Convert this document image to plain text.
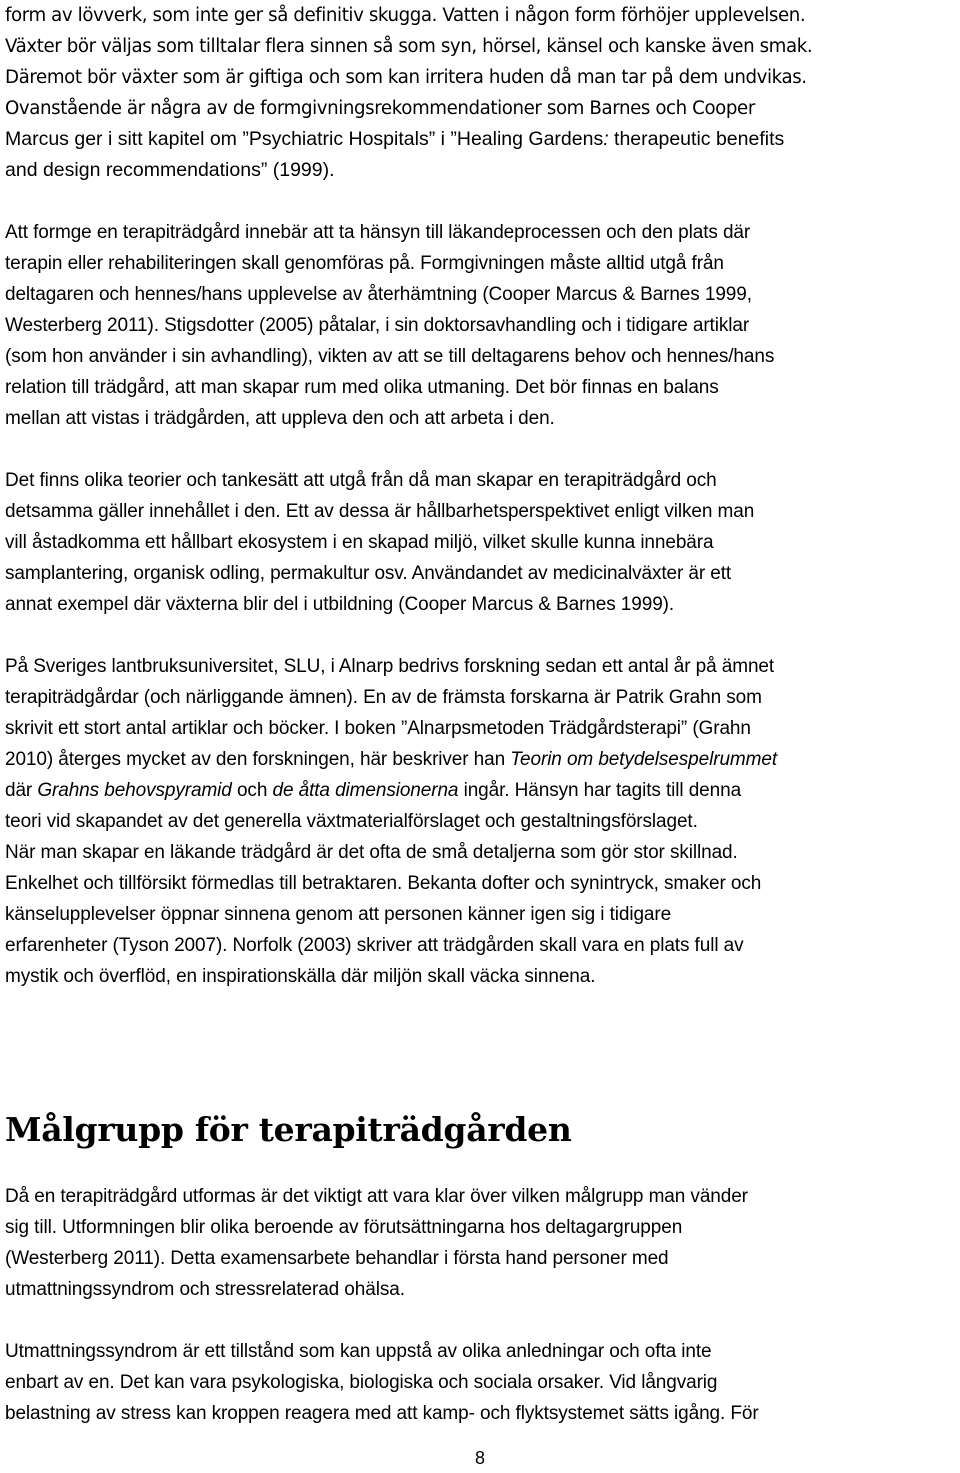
form av lövverk, som inte ger så definitiv skugga. Vatten i någon form förhöjer upplevelsen.

Växter bör väljas som tilltalar flera sinnen så som syn, hörsel, känsel och kanske även smak.

Däremot bör växter som är giftiga och som kan irritera huden då man tar på dem undvikas.

Ovanstående är några av de formgivningsrekommendationer som Barnes och Cooper

Marcus ger i sitt kapitel om ”Psychiatric Hospitals” i ”Healing Gardens: therapeutic benefits

and design recommendations” (1999).

Att formge en terapiträdgård innebär att ta hänsyn till läkandeprocessen och den plats där

terapin eller rehabiliteringen skall genomföras på. Formgivningen måste alltid utgå från

deltagaren och hennes/hans upplevelse av återhämtning (Cooper Marcus & Barnes 1999,

Westerberg 2011). Stigsdotter (2005) påtalar, i sin doktorsavhandling och i tidigare artiklar

(som hon använder i sin avhandling), vikten av att se till deltagarens behov och hennes/hans

relation till trädgård, att man skapar rum med olika utmaning. Det bör finnas en balans

mellan att vistas i trädgården, att uppleva den och att arbeta i den.

Det finns olika teorier och tankesätt att utgå från då man skapar en terapiträdgård och

detsamma gäller innehållet i den. Ett av dessa är hållbarhetsperspektivet enligt vilken man

vill åstadkomma ett hållbart ekosystem i en skapad miljö, vilket skulle kunna innebära

samplantering, organisk odling, permakultur osv. Användandet av medicinalväxter är ett

annat exempel där växterna blir del i utbildning (Cooper Marcus & Barnes 1999).

På Sveriges lantbruksuniversitet, SLU, i Alnarp bedrivs forskning sedan ett antal år på ämnet

terapiträdgårdar (och närliggande ämnen). En av de främsta forskarna är Patrik Grahn som

skrivit ett stort antal artiklar och böcker. I boken ”Alnarpsmetoden Trädgårdsterapi” (Grahn

2010) återges mycket av den forskningen, här beskriver han Teorin om betydelsespelrummet

där Grahns behovspyramid och de åtta dimensionerna ingår. Hänsyn har tagits till denna

teori vid skapandet av det generella växtmaterialförslaget och gestaltningsförslaget.

När man skapar en läkande trädgård är det ofta de små detaljerna som gör stor skillnad.

Enkelhet och tillförsikt förmedlas till betraktaren. Bekanta dofter och synintryck, smaker och

känselupplevelser öppnar sinnena genom att personen känner igen sig i tidigare

erfarenheter (Tyson 2007). Norfolk (2003) skriver att trädgården skall vara en plats full av

mystik och överflöd, en inspirationskälla där miljön skall väcka sinnena.

Målgrupp för terapiträdgården

Då en terapiträdgård utformas är det viktigt att vara klar över vilken målgrupp man vänder

sig till. Utformningen blir olika beroende av förutsättningarna hos deltagargruppen

(Westerberg 2011). Detta examensarbete behandlar i första hand personer med

utmattningssyndrom och stressrelaterad ohälsa.

Utmattningssyndrom är ett tillstånd som kan uppstå av olika anledningar och ofta inte

enbart av en. Det kan vara psykologiska, biologiska och sociala orsaker. Vid långvarig

belastning av stress kan kroppen reagera med att kamp- och flyktsystemet sätts igång. För

8
